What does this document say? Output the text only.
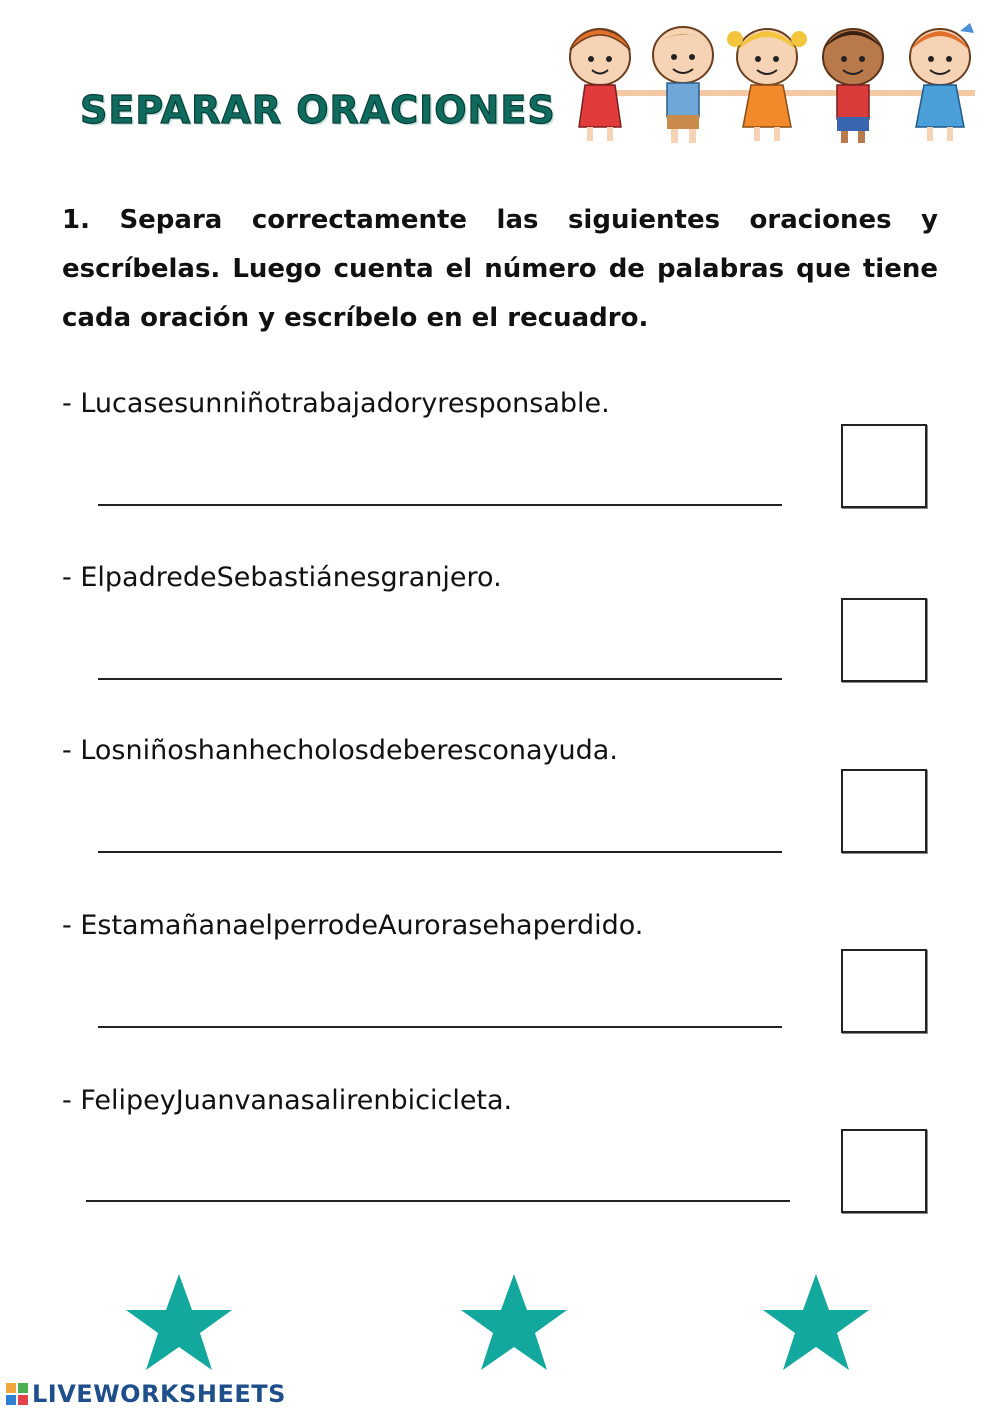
SEPARAR ORACIONES
1. Separa correctamente las siguientes oraciones y escríbelas. Luego cuenta el número de palabras que tiene cada oración y escríbelo en el recuadro.
- Lucasesunniñotrabajadoryresponsable.
- ElpadredeSebastiánesgranjero.
- Losniñoshanhecholosdeberesconayuda.
- EstamañanaelperrodeAurorasehaperdido.
- FelipeyJuanvanasalirenbicicleta.
LIVEWORKSHEETS
